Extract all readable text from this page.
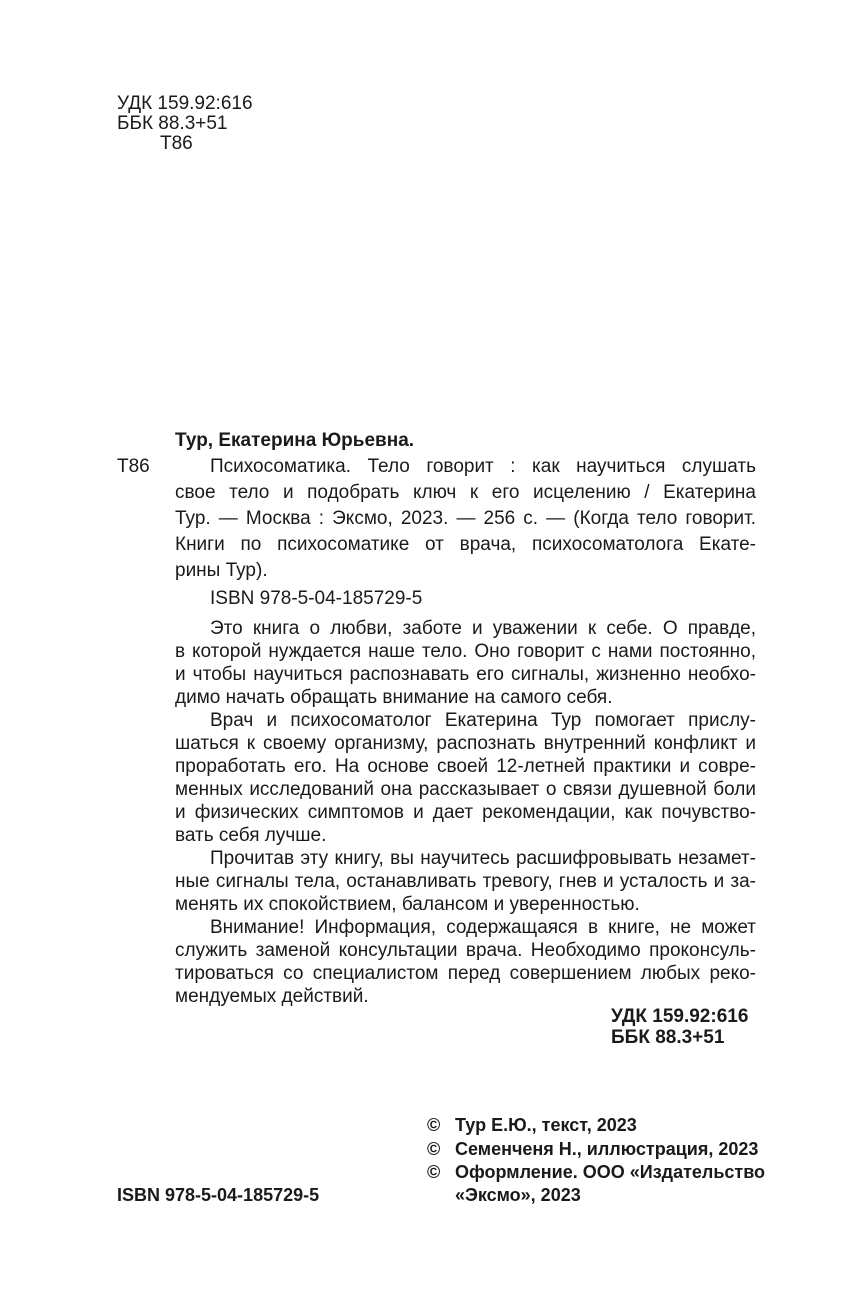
УДК 159.92:616
ББК 88.3+51
Т86
Тур, Екатерина Юрьевна.
Т86	Психосоматика. Тело говорит : как научиться слушать
свое тело и подобрать ключ к его исцелению / Екатерина
Тур. — Москва : Эксмо, 2023. — 256 с. — (Когда тело говорит.
Книги по психосоматике от врача, психосоматолога Екате-
рины Тур).
ISBN 978-5-04-185729-5
Это книга о любви, заботе и уважении к себе. О правде,
в которой нуждается наше тело. Оно говорит с нами постоянно,
и чтобы научиться распознавать его сигналы, жизненно необхо-
димо начать обращать внимание на самого себя.
Врач и психосоматолог Екатерина Тур помогает прислу-
шаться к своему организму, распознать внутренний конфликт и
проработать его. На основе своей 12-летней практики и совре-
менных исследований она рассказывает о связи душевной боли
и физических симптомов и дает рекомендации, как почувство-
вать себя лучше.
Прочитав эту книгу, вы научитесь расшифровывать незамет-
ные сигналы тела, останавливать тревогу, гнев и усталость и за-
менять их спокойствием, балансом и уверенностью.
Внимание! Информация, содержащаяся в книге, не может
служить заменой консультации врача. Необходимо проконсуль-
тироваться со специалистом перед совершением любых реко-
мендуемых действий.
УДК 159.92:616
ББК 88.3+51
© Тур Е.Ю., текст, 2023
© Семенченя Н., иллюстрация, 2023
© Оформление. ООО «Издательство
«Эксмо», 2023
ISBN 978-5-04-185729-5
